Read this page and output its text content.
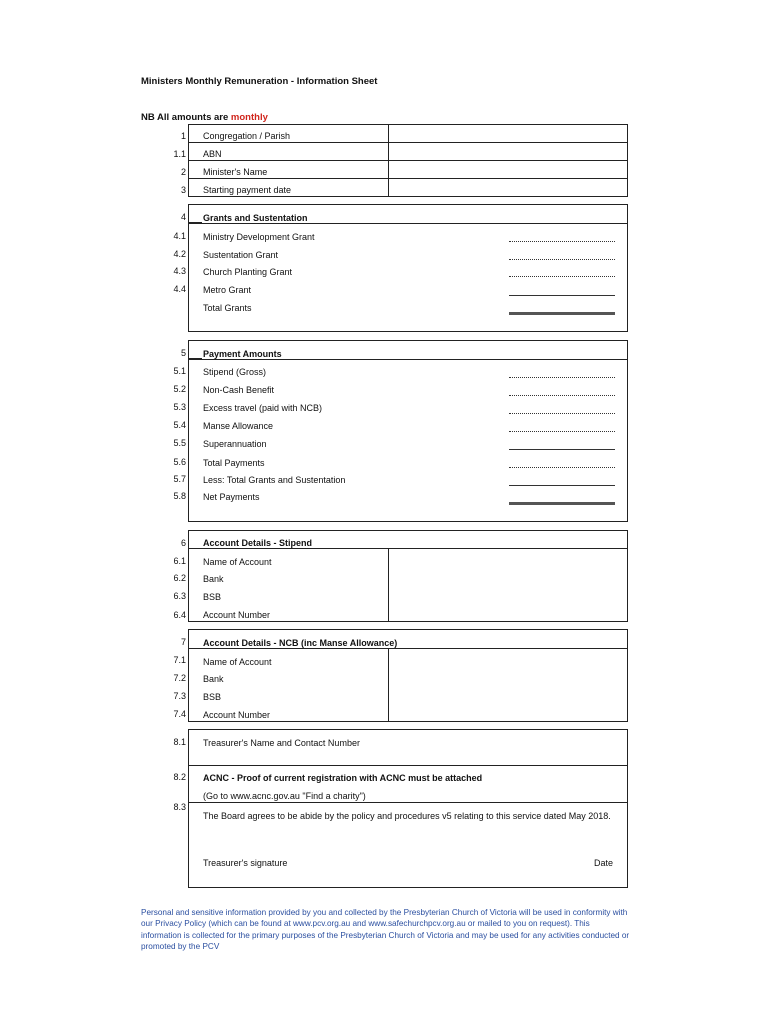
Ministers Monthly Remuneration - Information Sheet
NB All amounts are monthly
1
1.1
2
3
Congregation / Parish
ABN
Minister's Name
Starting payment date
4
4.1
4.2
4.3
4.4
Grants and Sustentation
Ministry Development Grant
Sustentation Grant
Church Planting Grant
Metro Grant
Total Grants
5
5.1
5.2
5.3
5.4
5.5
5.6
5.7
5.8
Payment Amounts
Stipend (Gross)
Non-Cash Benefit
Excess travel (paid with NCB)
Manse Allowance
Superannuation
Total Payments
Less: Total Grants and Sustentation
Net Payments
6
6.1
6.2
6.3
6.4
Account Details - Stipend
Name of Account
Bank
BSB
Account Number
7
7.1
7.2
7.3
7.4
Account Details - NCB (inc Manse Allowance)
Name of Account
Bank
BSB
Account Number
8.1
8.2
8.3
Treasurer's Name and Contact Number
ACNC - Proof of current registration with ACNC must be attached
(Go to www.acnc.gov.au "Find a charity")
The Board agrees to be abide by the policy and procedures v5 relating to this service dated May 2018.
Treasurer's signature	Date
Personal and sensitive information provided by you and collected by the Presbyterian Church of Victoria will be used in conformity with our Privacy Policy (which can be found at www.pcv.org.au and www.safechurchpcv.org.au or mailed to you on request). This information is collected for the primary purposes of the Presbyterian Church of Victoria and may be used for any activities conducted or promoted by the PCV
